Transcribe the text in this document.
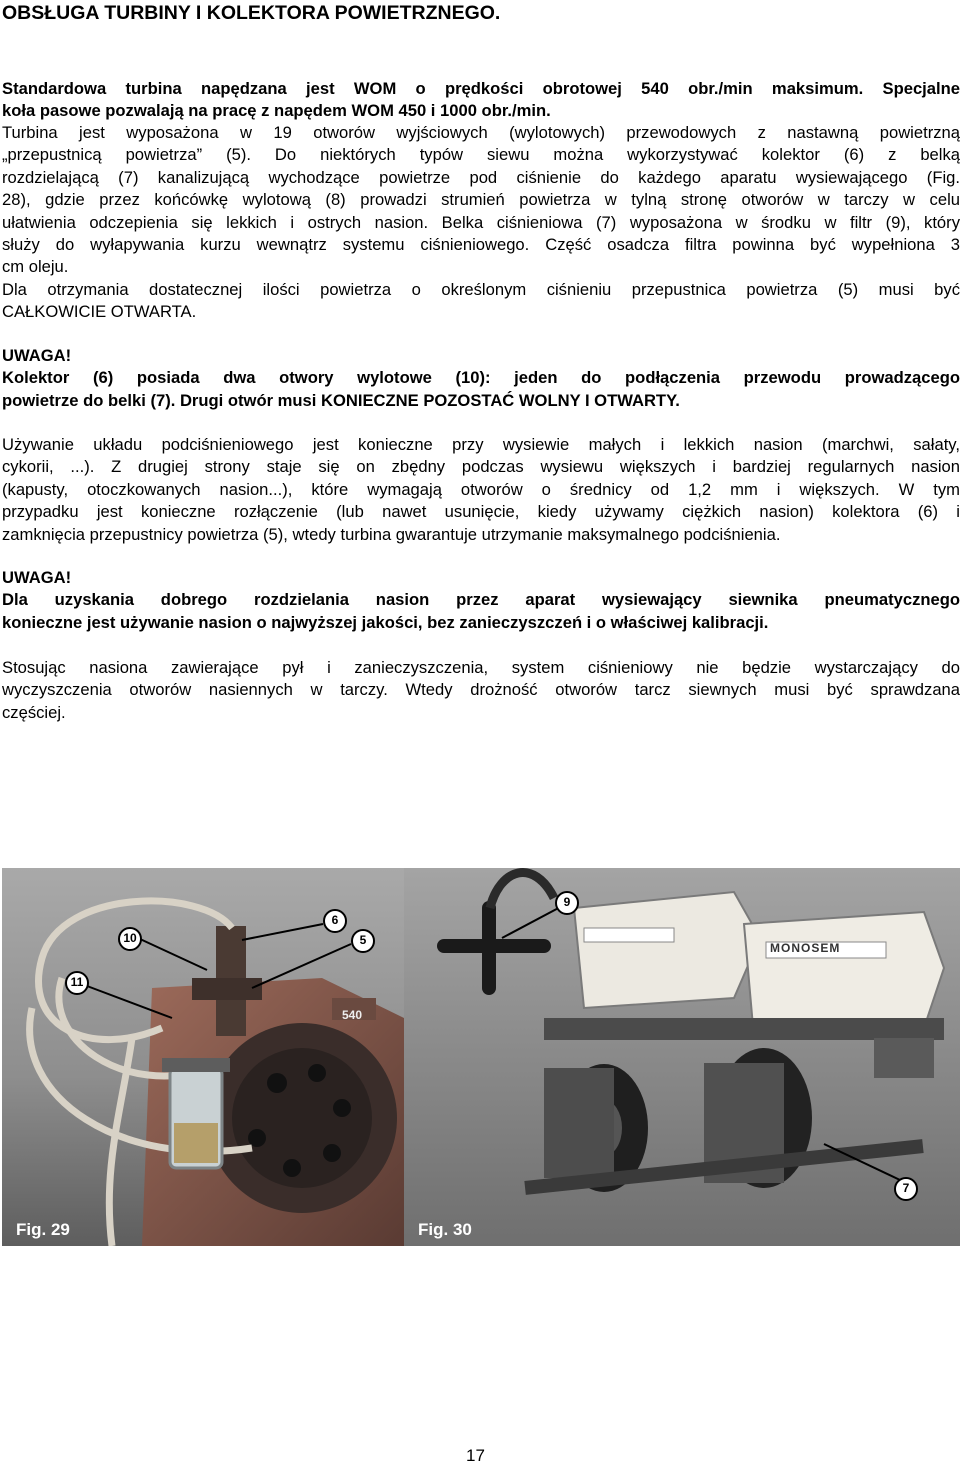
OBSŁUGA TURBINY I KOLEKTORA POWIETRZNEGO.
Standardowa turbina napędzana jest WOM o prędkości obrotowej 540 obr./min maksimum. Specjalne
koła pasowe pozwalają na pracę z napędem WOM 450 i 1000 obr./min.
Turbina jest wyposażona w 19 otworów wyjściowych (wylotowych) przewodowych z nastawną powietrzną
„przepustnicą powietrza” (5). Do niektórych typów siewu można wykorzystywać kolektor (6) z belką
rozdzielającą (7) kanalizującą wychodzące powietrze pod ciśnienie do każdego aparatu wysiewającego (Fig.
28), gdzie przez końcówkę wylotową (8) prowadzi strumień powietrza w tylną stronę otworów w tarczy w celu
ułatwienia odczepienia się lekkich i ostrych nasion. Belka ciśnieniowa (7) wyposażona w środku w filtr (9), który
służy do wyłapywania kurzu wewnątrz systemu ciśnieniowego. Część osadcza filtra powinna być wypełniona 3
cm oleju.
Dla otrzymania dostatecznej ilości powietrza o określonym ciśnieniu przepustnica powietrza (5) musi być
CAŁKOWICIE OTWARTA.
UWAGA!
Kolektor (6) posiada dwa otwory wylotowe (10): jeden do podłączenia przewodu prowadzącego
powietrze do belki (7). Drugi otwór musi KONIECZNE POZOSTAĆ WOLNY I OTWARTY.
Używanie układu podciśnieniowego jest konieczne przy wysiewie małych i lekkich nasion (marchwi, sałaty,
cykorii, ...). Z drugiej strony staje się on zbędny podczas wysiewu większych i bardziej regularnych nasion
(kapusty, otoczkowanych nasion...), które wymagają otworów o średnicy od 1,2 mm i większych. W tym
przypadku jest konieczne rozłączenie (lub nawet usunięcie, kiedy używamy ciężkich nasion) kolektora (6) i
zamknięcia przepustnicy powietrza (5), wtedy turbina gwarantuje utrzymanie maksymalnego podciśnienia.
UWAGA!
Dla uzyskania dobrego rozdzielania nasion przez aparat wysiewający siewnika pneumatycznego
konieczne jest używanie nasion o najwyższej jakości, bez zanieczyszczeń i o właściwej kalibracji.
Stosując nasiona zawierające pył i zanieczyszczenia, system ciśnieniowy nie będzie wystarczający do
wyczyszczenia otworów nasiennych w tarczy. Wtedy drożność otworów tarcz siewnych musi być sprawdzana
częściej.
10
6
5
11
540
Fig. 29
9
7
MONOSEM
Fig. 30
17
